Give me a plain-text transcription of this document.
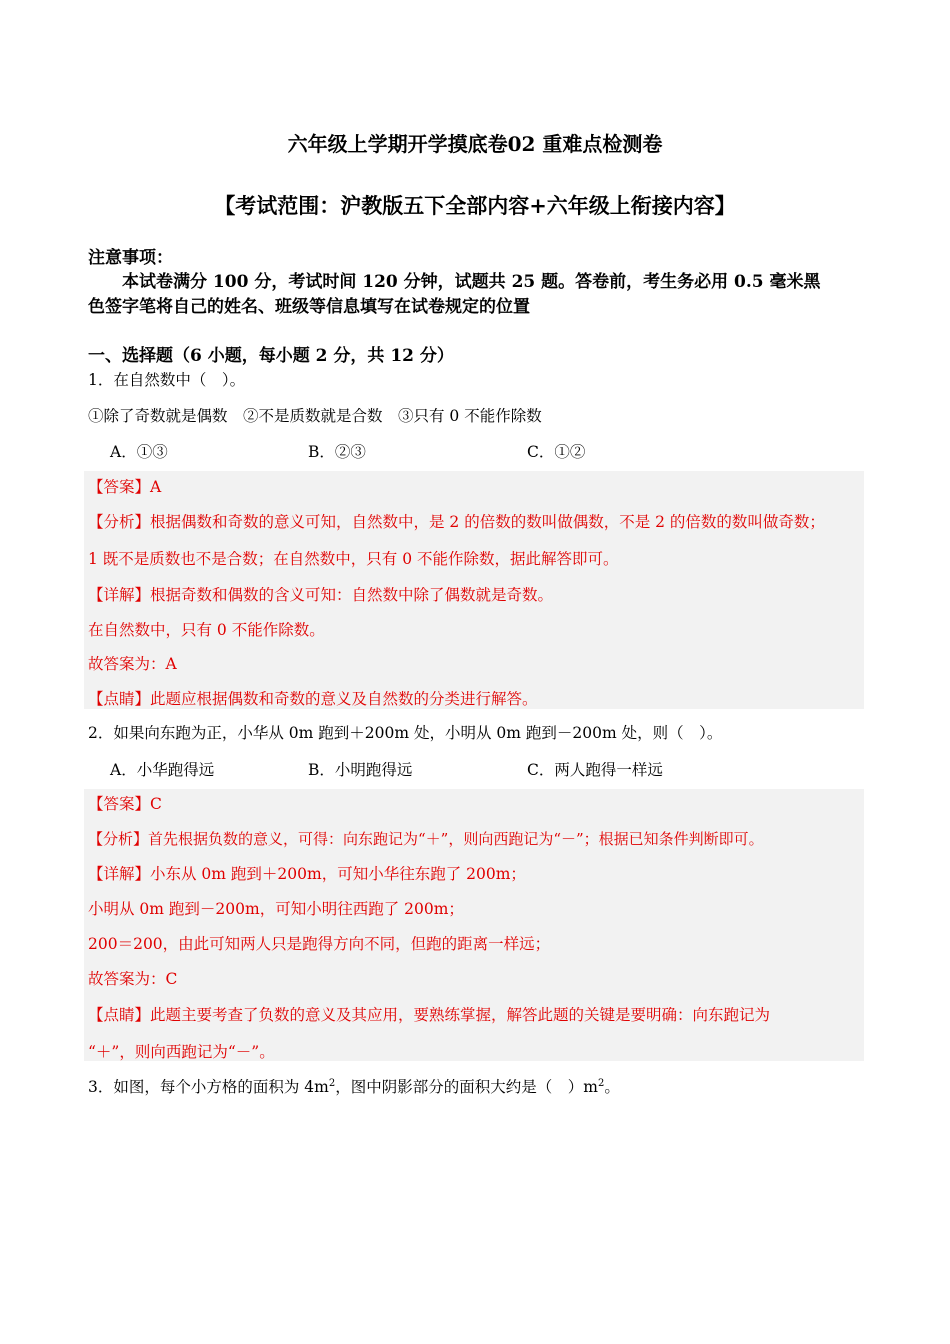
六年级上学期开学摸底卷02 重难点检测卷
【考试范围：沪教版五下全部内容+六年级上衔接内容】
注意事项：
本试卷满分 100 分，考试时间 120 分钟，试题共 25 题。答卷前，考生务必用 0.5 毫米黑
色签字笔将自己的姓名、班级等信息填写在试卷规定的位置
一、选择题（6 小题，每小题 2 分，共 12 分）
1．在自然数中（　）。
①除了奇数就是偶数　②不是质数就是合数　③只有 0 不能作除数
A．①③	B．②③	C．①②
【答案】A
【分析】根据偶数和奇数的意义可知，自然数中，是 2 的倍数的数叫做偶数，不是 2 的倍数的数叫做奇数；
1 既不是质数也不是合数；在自然数中，只有 0 不能作除数，据此解答即可。
【详解】根据奇数和偶数的含义可知：自然数中除了偶数就是奇数。
在自然数中，只有 0 不能作除数。
故答案为：A
【点睛】此题应根据偶数和奇数的意义及自然数的分类进行解答。
2．如果向东跑为正，小华从 0m 跑到＋200m 处，小明从 0m 跑到－200m 处，则（　）。
A．小华跑得远	B．小明跑得远	C．两人跑得一样远
【答案】C
【分析】首先根据负数的意义，可得：向东跑记为“＋”，则向西跑记为“－”；根据已知条件判断即可。
【详解】小东从 0m 跑到＋200m，可知小华往东跑了 200m；
小明从 0m 跑到－200m，可知小明往西跑了 200m；
200＝200，由此可知两人只是跑得方向不同，但跑的距离一样远；
故答案为：C
【点睛】此题主要考查了负数的意义及其应用，要熟练掌握，解答此题的关键是要明确：向东跑记为
“＋”，则向西跑记为“－”。
3．如图，每个小方格的面积为 $4m^2$，图中阴影部分的面积大约是（　）$m^2$。
